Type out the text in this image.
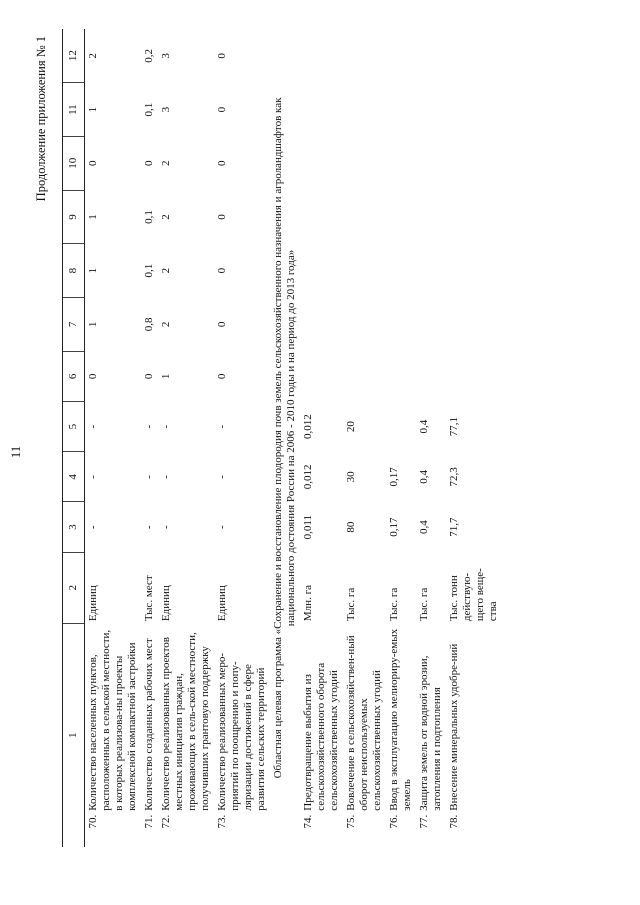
11
Продолжение приложения № 1
1		2	3	4	5	6	7	8	9	10	11	12
70.	Количество населенных пунктов, расположенных в сельской местности, в которых реализова-ны проекты комплексной компактной застройки	Единиц	-	-	-	0	1	1	1	0	1	2
71.	Количество созданных рабочих мест	Тыс. мест	-	-	-	0	0,8	0,1	0,1	0	0,1	0,2
72.	Количество реализованных проектов местных инициатив граждан, проживающих в сель-ской местности, получивших грантовую поддержку	Единиц	-	-	-	1	2	2	2	2	3	3
73.	Количество реализованных меро-приятий по поощрению и попу-ляризации достижений в сфере развития сельских территорий	Единиц	-	-	-	0	0	0	0	0	0	0
Областная целевая программа «Сохранение и восстановление плодородия почв земель сельскохозяйственного назначения и агроландшафтов как национального достояния России на 2006 - 2010 годы и на период до 2013 года»												
74.	Предотвращение выбытия из сельскохозяйственного оборота сельскохозяйственных угодий	Млн. га	0,011	0,012	0,012							
75.	Вовлечение в сельскохозяйствен-ный оборот неиспользуемых сельскохозяйственных угодий	Тыс. га	80	30	20							
76.	Ввод в эксплуатацию мелиориру-емых земель	Тыс. га	0,17	0,17								
77.	Защита земель от водной эрозии, затопления и подтопления	Тыс. га	0,4	0,4	0,4							
78.	Внесение минеральных удобре-ний	Тыс. тонн действую-щего веще-ства	71,7	72,3	77,1							
